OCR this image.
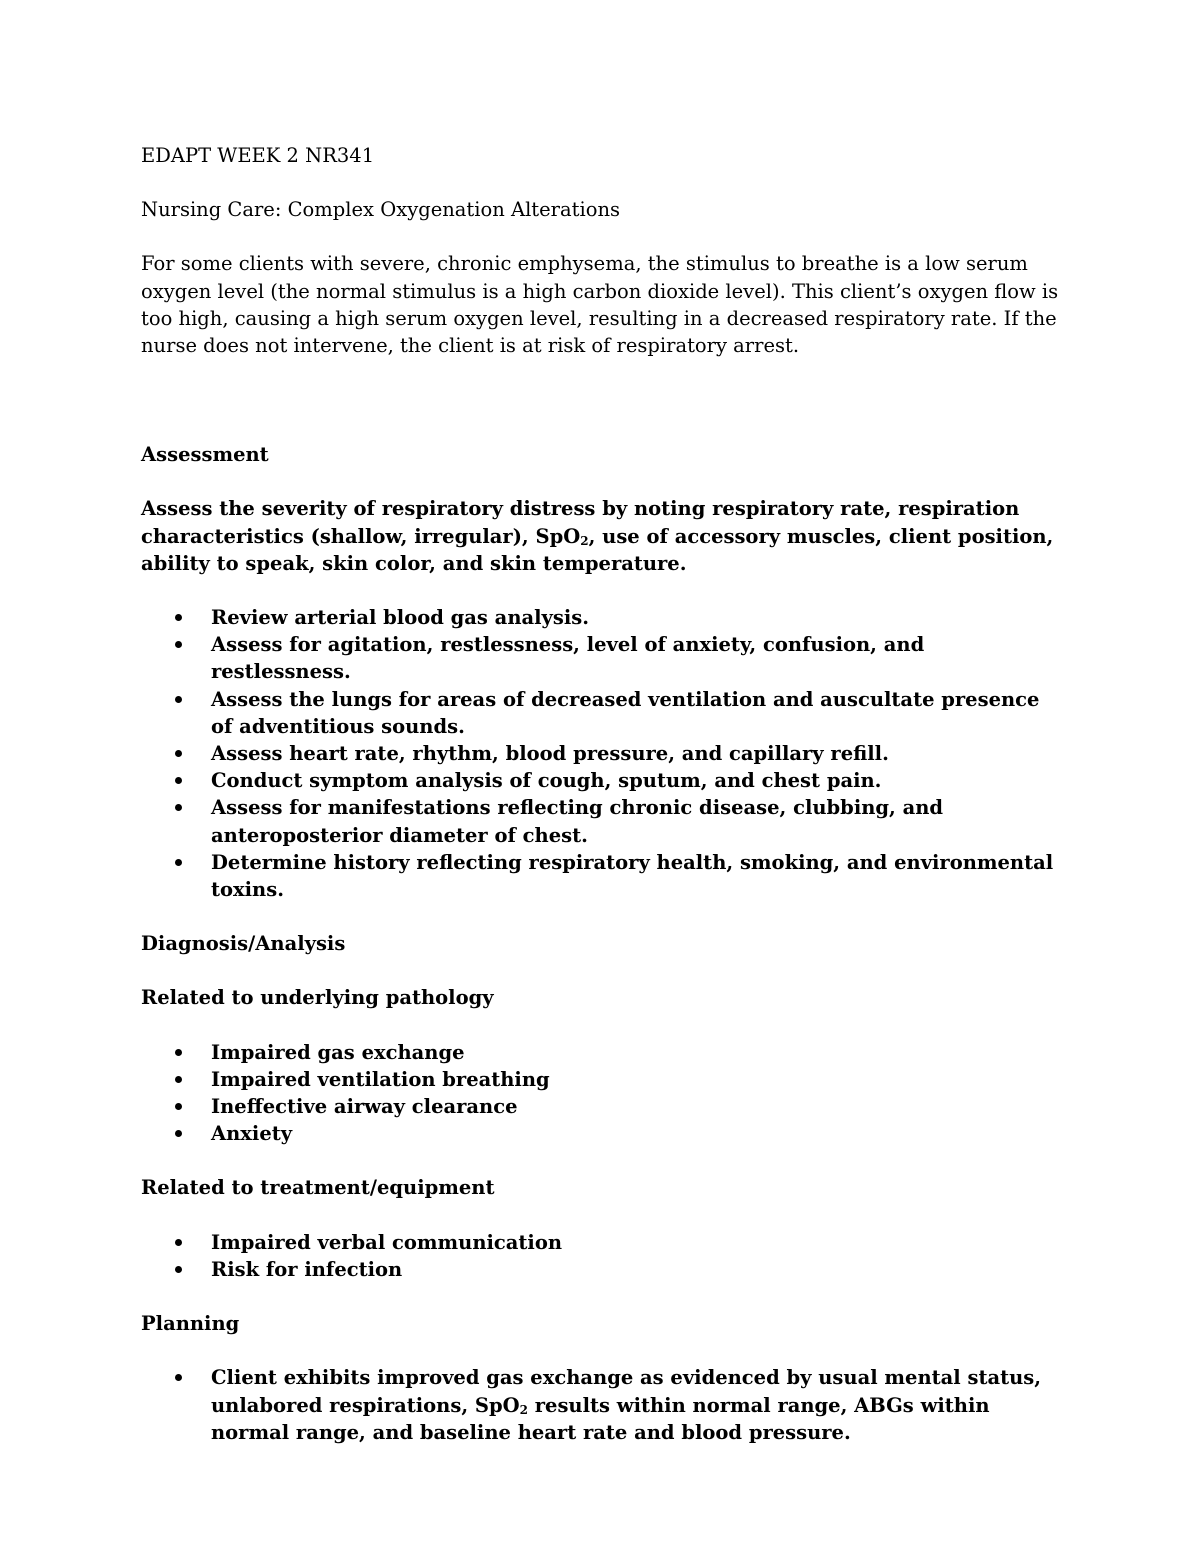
EDAPT WEEK 2 NR341

Nursing Care: Complex Oxygenation Alterations

For some clients with severe, chronic emphysema, the stimulus to breathe is a low serum oxygen level (the normal stimulus is a high carbon dioxide level). This client’s oxygen flow is too high, causing a high serum oxygen level, resulting in a decreased respiratory rate. If the nurse does not intervene, the client is at risk of respiratory arrest.

Assessment

Assess the severity of respiratory distress by noting respiratory rate, respiration characteristics (shallow, irregular), SpO$_2$, use of accessory muscles, client position, ability to speak, skin color, and skin temperature.

Review arterial blood gas analysis.
Assess for agitation, restlessness, level of anxiety, confusion, and restlessness.
Assess the lungs for areas of decreased ventilation and auscultate presence of adventitious sounds.
Assess heart rate, rhythm, blood pressure, and capillary refill.
Conduct symptom analysis of cough, sputum, and chest pain.
Assess for manifestations reflecting chronic disease, clubbing, and anteroposterior diameter of chest.
Determine history reflecting respiratory health, smoking, and environmental toxins.

Diagnosis/Analysis

Related to underlying pathology

Impaired gas exchange
Impaired ventilation breathing
Ineffective airway clearance
Anxiety

Related to treatment/equipment

Impaired verbal communication
Risk for infection

Planning

Client exhibits improved gas exchange as evidenced by usual mental status, unlabored respirations, SpO$_2$ results within normal range, ABGs within normal range, and baseline heart rate and blood pressure.
